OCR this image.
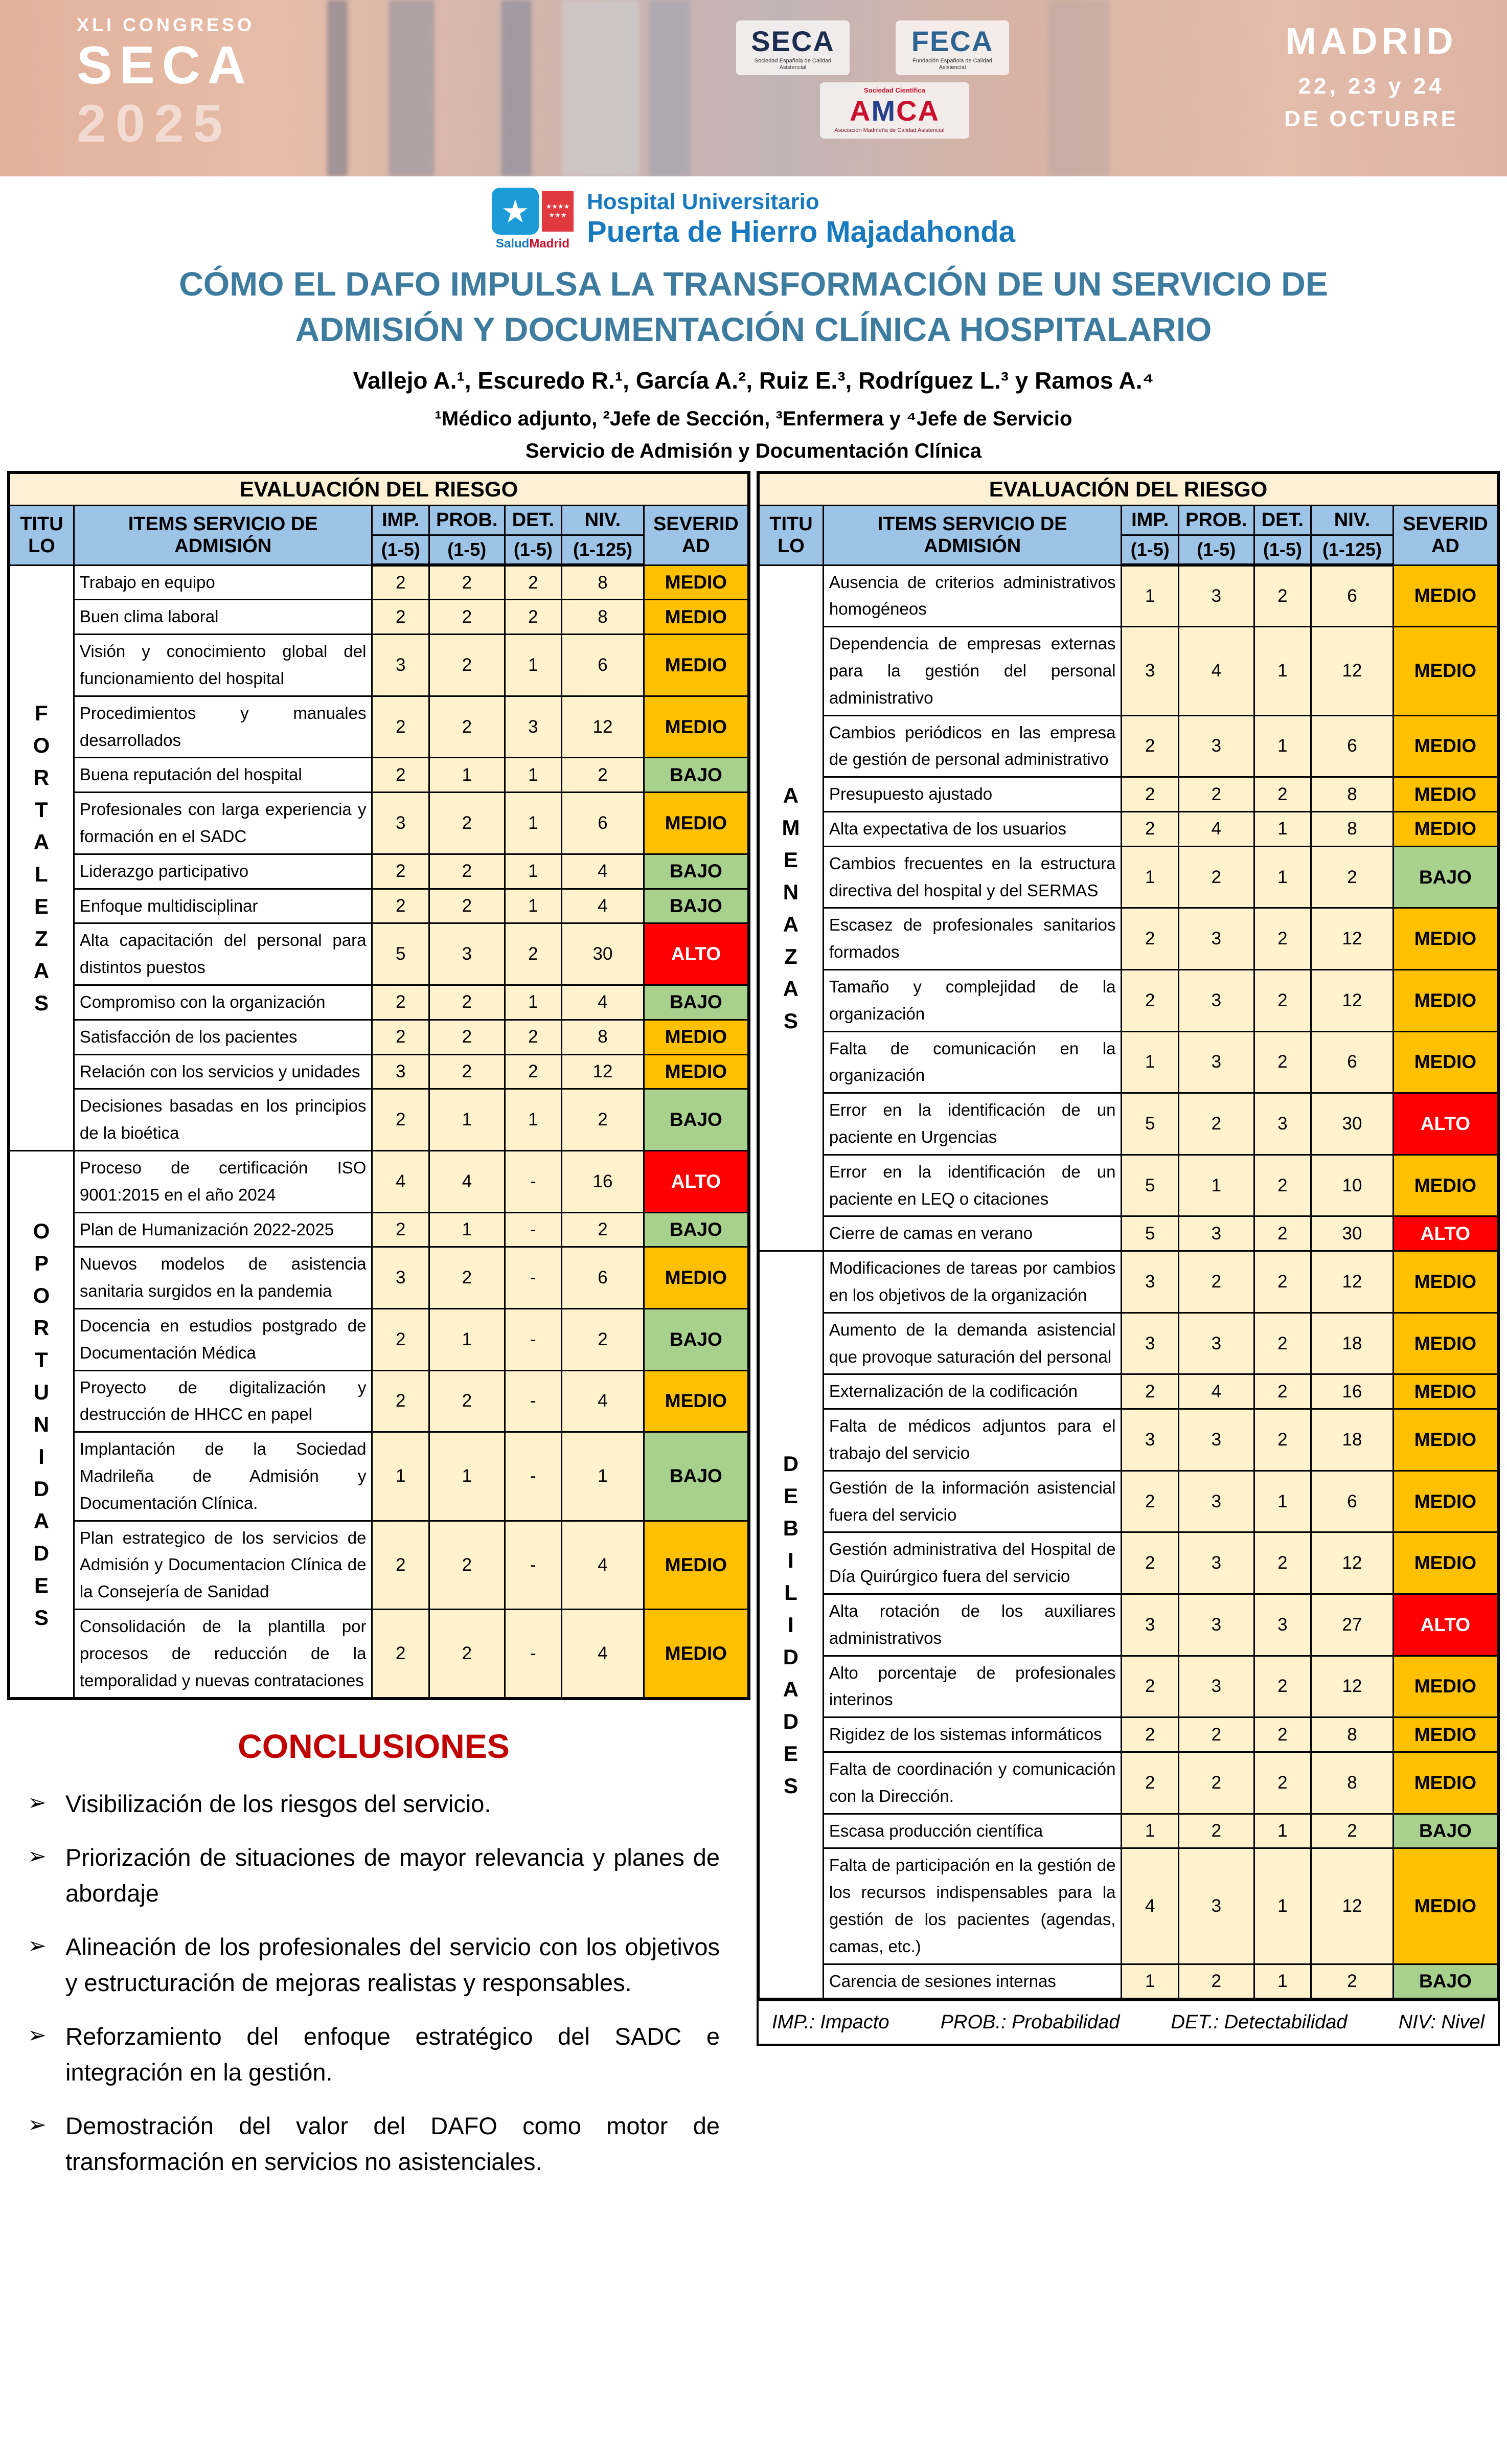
XLI CONGRESO
SECA
2025
SECA
Sociedad Española de Calidad Asistencial
FECA
Fundación Española de Calidad Asistencial
Sociedad Científica
AMCA
Asociación Madrileña de Calidad Asistencial
MADRID
22, 23 y 24
DE OCTUBRE
★ ★★★★
★★★
SaludMadrid
Hospital Universitario
Puerta de Hierro Majadahonda
CÓMO EL DAFO IMPULSA LA TRANSFORMACIÓN DE UN SERVICIO DE
ADMISIÓN Y DOCUMENTACIÓN CLÍNICA HOSPITALARIO
Vallejo A.¹, Escuredo R.¹, García A.², Ruiz E.³, Rodríguez L.³ y Ramos A.⁴
¹Médico adjunto, ²Jefe de Sección, ³Enfermera y ⁴Jefe de Servicio
Servicio de Admisión y Documentación Clínica
EVALUACIÓN DEL RIESGO						
TITULO	ITEMS SERVICIO DE ADMISIÓN	IMP.	PROB.	DET.	NIV.	SEVERIDAD
		(1-5)	(1-5)	(1-5)	(1-125)	

F
O
R
T
A
L
E
Z
A
S
	Trabajo en equipo	2	2	2	8	MEDIO
	Buen clima laboral	2	2	2	8	MEDIO
	Visión y conocimiento global del funcionamiento del hospital	3	2	1	6	MEDIO
	Procedimientos y manuales desarrollados	2	2	3	12	MEDIO
	Buena reputación del hospital	2	1	1	2	BAJO
	Profesionales con larga experiencia y formación en el SADC	3	2	1	6	MEDIO
	Liderazgo participativo	2	2	1	4	BAJO
	Enfoque multidisciplinar	2	2	1	4	BAJO
	Alta capacitación del personal para distintos puestos	5	3	2	30	ALTO
	Compromiso con la organización	2	2	1	4	BAJO
	Satisfacción de los pacientes	2	2	2	8	MEDIO
	Relación con los servicios y unidades	3	2	2	12	MEDIO
	Decisiones basadas en los principios de la bioética	2	1	1	2	BAJO

O
P
O
R
T
U
N
I
D
A
D
E
S
	Proceso de certificación ISO 9001:2015 en el año 2024	4	4	-	16	ALTO
	Plan de Humanización 2022-2025	2	1	-	2	BAJO
	Nuevos modelos de asistencia sanitaria surgidos en la pandemia	3	2	-	6	MEDIO
	Docencia en estudios postgrado de Documentación Médica	2	1	-	2	BAJO
	Proyecto de digitalización y destrucción de HHCC en papel	2	2	-	4	MEDIO
	Implantación de la Sociedad Madrileña de Admisión y Documentación Clínica.	1	1	-	1	BAJO
	Plan estrategico de los servicios de Admisión y Documentacion Clínica de la Consejería de Sanidad	2	2	-	4	MEDIO
	Consolidación de la plantilla por procesos de reducción de la temporalidad y nuevas contrataciones	2	2	-	4	MEDIO
CONCLUSIONES
➢ Visibilización de los riesgos del servicio.
➢ Priorización de situaciones de mayor relevancia y planes de abordaje
➢ Alineación de los profesionales del servicio con los objetivos y estructuración de mejoras realistas y responsables.
➢ Reforzamiento del enfoque estratégico del SADC e integración en la gestión.
➢ Demostración del valor del DAFO como motor de transformación en servicios no asistenciales.
EVALUACIÓN DEL RIESGO						
TITULO	ITEMS SERVICIO DE ADMISIÓN	IMP.	PROB.	DET.	NIV.	SEVERIDAD
		(1-5)	(1-5)	(1-5)	(1-125)	

A
M
E
N
A
Z
A
S
	Ausencia de criterios administrativos homogéneos	1	3	2	6	MEDIO
	Dependencia de empresas externas para la gestión del personal administrativo	3	4	1	12	MEDIO
	Cambios periódicos en las empresa de gestión de personal administrativo	2	3	1	6	MEDIO
	Presupuesto ajustado	2	2	2	8	MEDIO
	Alta expectativa de los usuarios	2	4	1	8	MEDIO
	Cambios frecuentes en la estructura directiva del hospital y del SERMAS	1	2	1	2	BAJO
	Escasez de profesionales sanitarios formados	2	3	2	12	MEDIO
	Tamaño y complejidad de la organización	2	3	2	12	MEDIO
	Falta de comunicación en la organización	1	3	2	6	MEDIO
	Error en la identificación de un paciente en Urgencias	5	2	3	30	ALTO
	Error en la identificación de un paciente en LEQ o citaciones	5	1	2	10	MEDIO
	Cierre de camas en verano	5	3	2	30	ALTO

D
E
B
I
L
I
D
A
D
E
S
	Modificaciones de tareas por cambios en los objetivos de la organización	3	2	2	12	MEDIO
	Aumento de la demanda asistencial que provoque saturación del personal	3	3	2	18	MEDIO
	Externalización de la codificación	2	4	2	16	MEDIO
	Falta de médicos adjuntos para el trabajo del servicio	3	3	2	18	MEDIO
	Gestión de la información asistencial fuera del servicio	2	3	1	6	MEDIO
	Gestión administrativa del Hospital de Día Quirúrgico fuera del servicio	2	3	2	12	MEDIO
	Alta rotación de los auxiliares administrativos	3	3	3	27	ALTO
	Alto porcentaje de profesionales interinos	2	3	2	12	MEDIO
	Rigidez de los sistemas informáticos	2	2	2	8	MEDIO
	Falta de coordinación y comunicación con la Dirección.	2	2	2	8	MEDIO
	Escasa producción científica	1	2	1	2	BAJO
	Falta de participación en la gestión de los recursos indispensables para la gestión de los pacientes (agendas, camas, etc.)	4	3	1	12	MEDIO
	Carencia de sesiones internas	1	2	1	2	BAJO
IMP.: Impacto	PROB.: Probabilidad	DET.: Detectabilidad	NIV: Nivel
